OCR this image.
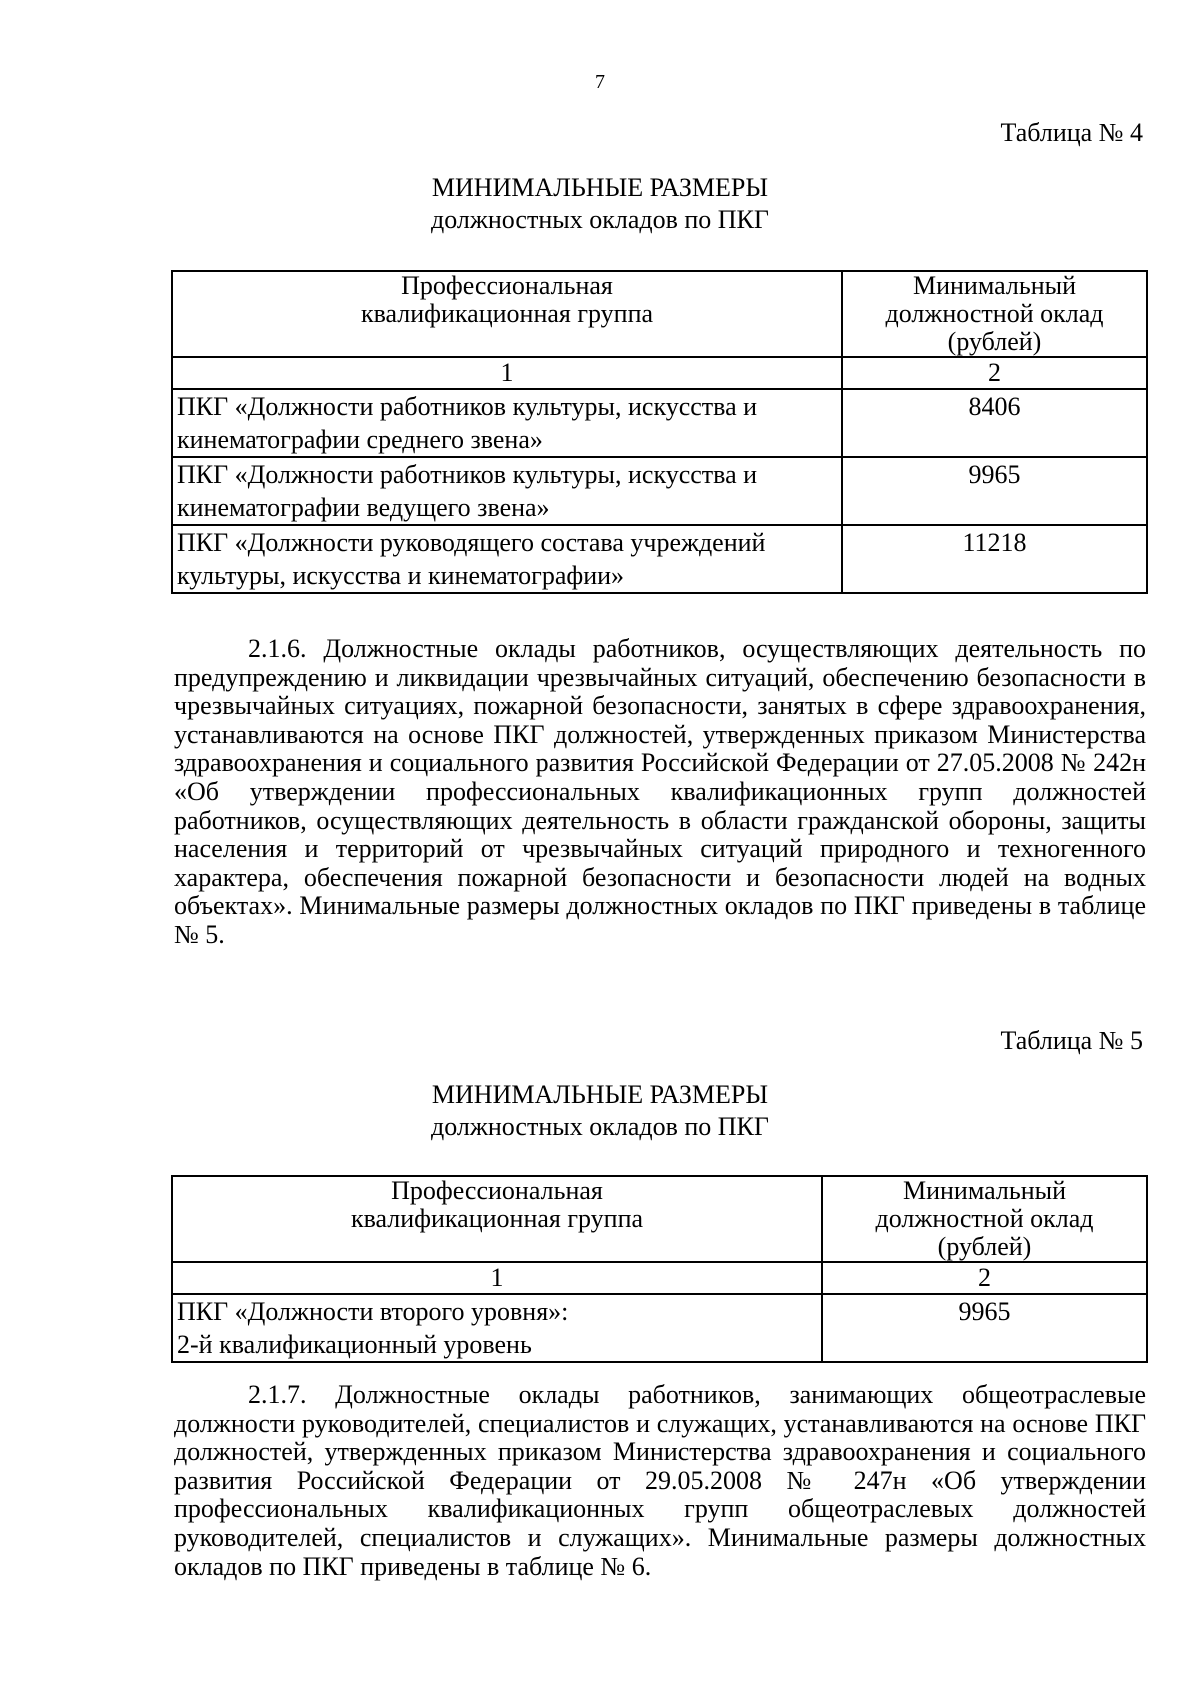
7
Таблица № 4
МИНИМАЛЬНЫЕ РАЗМЕРЫ
должностных окладов по ПКГ
Профессиональная квалификационная группа	Минимальный должностной оклад (рублей)
1	2
ПКГ «Должности работников культуры, искусства и кинематографии среднего звена»	8406
ПКГ «Должности работников культуры, искусства и кинематографии ведущего звена»	9965
ПКГ «Должности руководящего состава учреждений культуры, искусства и кинематографии»	11218

2.1.6. Должностные оклады работников, осуществляющих деятельность по предупреждению и ликвидации чрезвычайных ситуаций, обеспечению безопасности в чрезвычайных ситуациях, пожарной безопасности, занятых в сфере здравоохранения, устанавливаются на основе ПКГ должностей, утвержденных приказом Министерства здравоохранения и социального развития Российской Федерации от 27.05.2008 № 242н «Об утверждении профессиональных квалификационных групп должностей работников, осуществляющих деятельность в области гражданской обороны, защиты населения и территорий от чрезвычайных ситуаций природного и техногенного характера, обеспечения пожарной безопасности и безопасности людей на водных объектах». Минимальные размеры должностных окладов по ПКГ приведены в таблице № 5.

Таблица № 5
МИНИМАЛЬНЫЕ РАЗМЕРЫ
должностных окладов по ПКГ
Профессиональная квалификационная группа	Минимальный должностной оклад (рублей)
1	2

ПКГ «Должности второго уровня»:
2-й квалификационный уровень	9965

2.1.7. Должностные оклады работников, занимающих общеотраслевые должности руководителей, специалистов и служащих, устанавливаются на основе ПКГ должностей, утвержденных приказом Министерства здравоохранения и социального развития Российской Федерации от 29.05.2008 № 247н «Об утверждении профессиональных квалификационных групп общеотраслевых должностей руководителей, специалистов и служащих». Минимальные размеры должностных окладов по ПКГ приведены в таблице № 6.
